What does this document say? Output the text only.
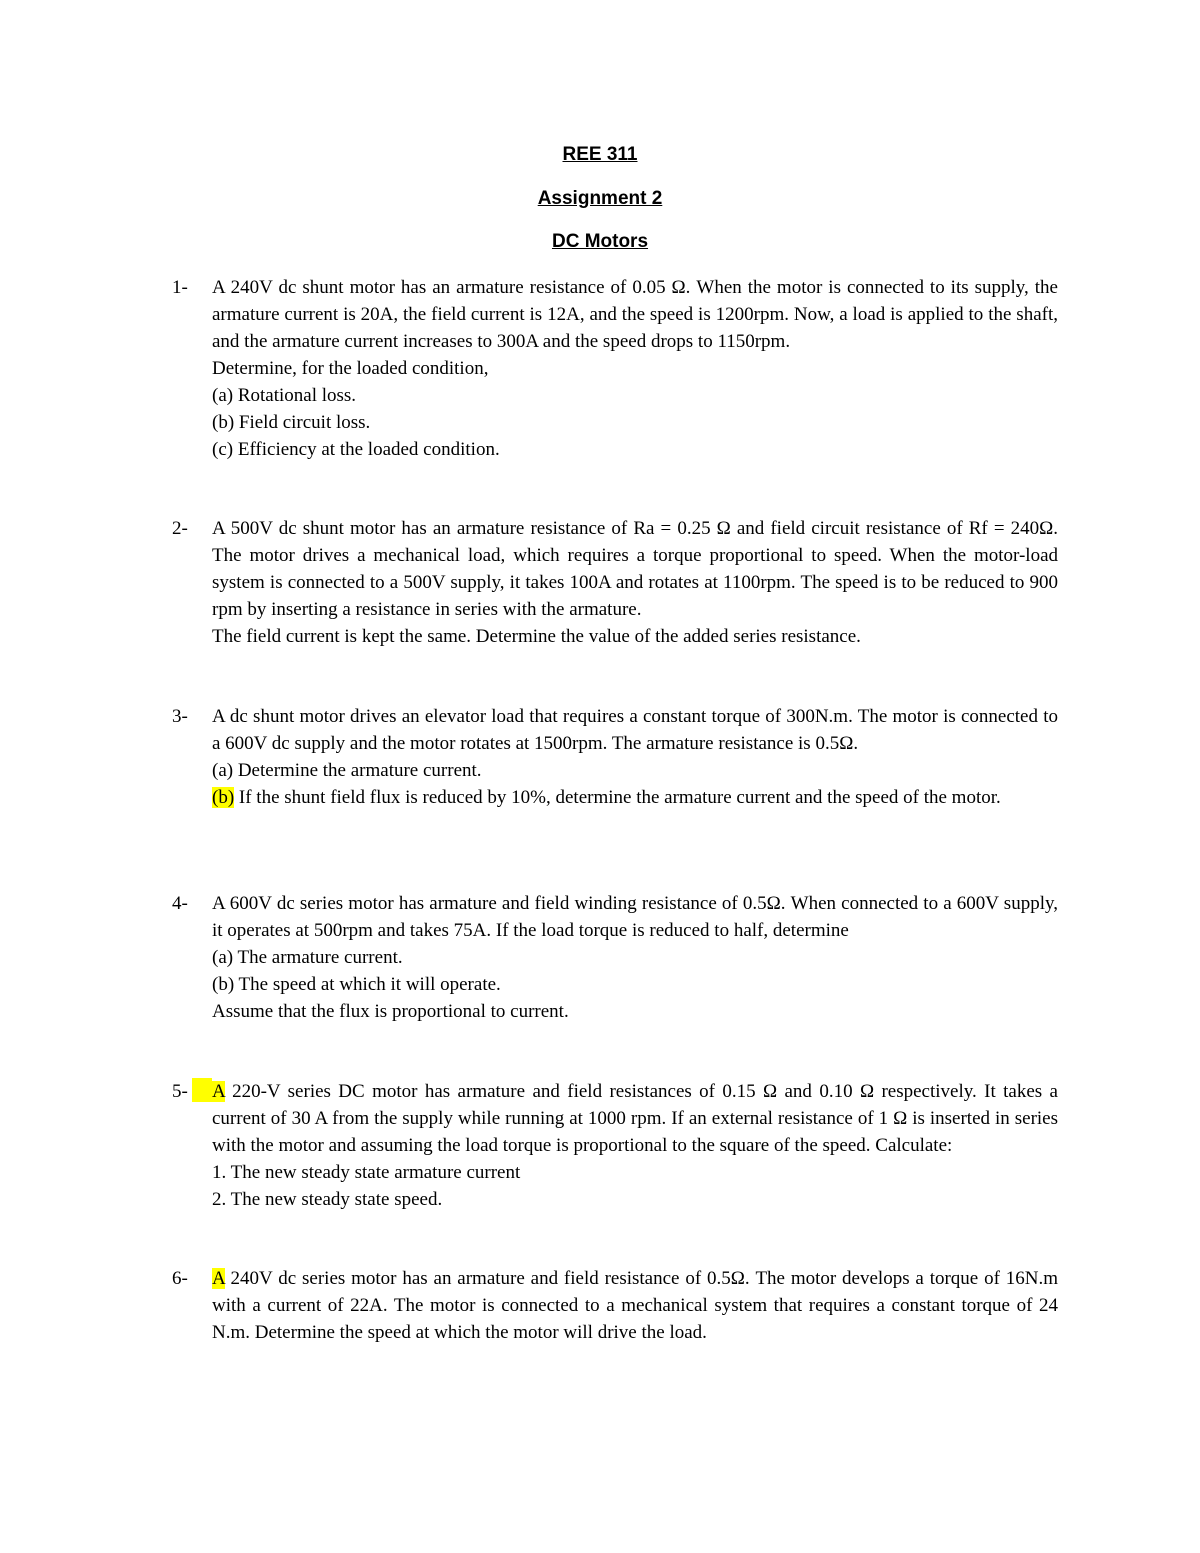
REE 311
Assignment 2
DC Motors
1- A 240V dc shunt motor has an armature resistance of 0.05 Ω. When the motor is connected to its supply, the armature current is 20A, the field current is 12A, and the speed is 1200rpm. Now, a load is applied to the shaft, and the armature current increases to 300A and the speed drops to 1150rpm.

Determine, for the loaded condition,
(a) Rotational loss.
(b) Field circuit loss.
(c) Efficiency at the loaded condition.
2- A 500V dc shunt motor has an armature resistance of Ra = 0.25 Ω and field circuit resistance of Rf = 240Ω. The motor drives a mechanical load, which requires a torque proportional to speed. When the motor-load system is connected to a 500V supply, it takes 100A and rotates at 1100rpm. The speed is to be reduced to 900 rpm by inserting a resistance in series with the armature.

The field current is kept the same. Determine the value of the added series resistance.
3- A dc shunt motor drives an elevator load that requires a constant torque of 300N.m. The motor is connected to a 600V dc supply and the motor rotates at 1500rpm. The armature resistance is 0.5Ω.

(a) Determine the armature current.

(b) If the shunt field flux is reduced by 10%, determine the armature current and the speed of the motor.

4- A 600V dc series motor has armature and field winding resistance of 0.5Ω. When connected to a 600V supply, it operates at 500rpm and takes 75A. If the load torque is reduced to half, determine

(a) The armature current.
(b) The speed at which it will operate.
Assume that the flux is proportional to current.
5- A 220-V series DC motor has armature and field resistances of 0.15 Ω and 0.10 Ω respectively. It takes a current of 30 A from the supply while running at 1000 rpm. If an external resistance of 1 Ω is inserted in series with the motor and assuming the load torque is proportional to the square of the speed. Calculate:

1. The new steady state armature current
2. The new steady state speed.
6- A 240V dc series motor has an armature and field resistance of 0.5Ω. The motor develops a torque of 16N.m with a current of 22A. The motor is connected to a mechanical system that requires a constant torque of 24 N.m. Determine the speed at which the motor will drive the load.
